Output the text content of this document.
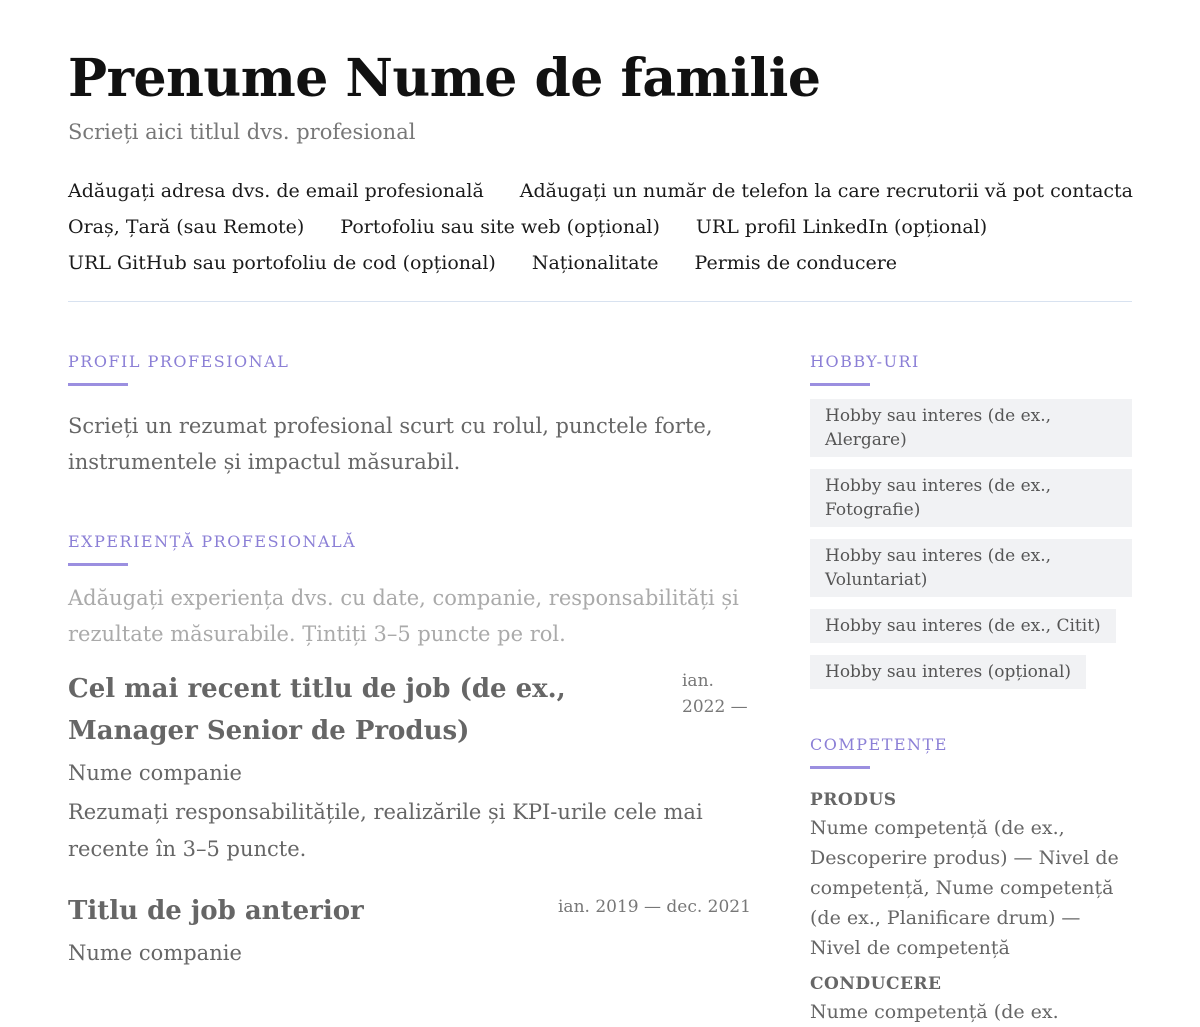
Prenume Nume de familie
Scrieți aici titlul dvs. profesional
Adăugați adresa dvs. de email profesională Adăugați un număr de telefon la care recrutorii vă pot contacta
Oraș, Țară (sau Remote) Portofoliu sau site web (opțional) URL profil LinkedIn (opțional)
URL GitHub sau portofoliu de cod (opțional) Naționalitate Permis de conducere
PROFIL PROFESIONAL

Scrieți un rezumat profesional scurt cu rolul, punctele forte, instrumentele și impactul măsurabil.

EXPERIENȚĂ PROFESIONALĂ

Adăugați experiența dvs. cu date, companie, responsabilități și rezultate măsurabile. Țintiți 3–5 puncte pe rol.

Cel mai recent titlu de job (de ex., Manager Senior de Produs)
ian. 2022 —
Nume companie

Rezumați responsabilitățile, realizările și KPI-urile cele mai recente în 3–5 puncte.

Titlu de job anterior	ian. 2019 — dec. 2021
Nume companie
HOBBY-URI
Hobby sau interes (de ex., Alergare) Hobby sau interes (de ex., Fotografie) Hobby sau interes (de ex., Voluntariat) Hobby sau interes (de ex., Citit) Hobby sau interes (opțional)
COMPETENȚE
PRODUS
Nume competență (de ex., Descoperire produs) — Nivel de competență, Nume competență (de ex., Planificare drum) — Nivel de competență
CONDUCERE
Nume competență (de ex.
